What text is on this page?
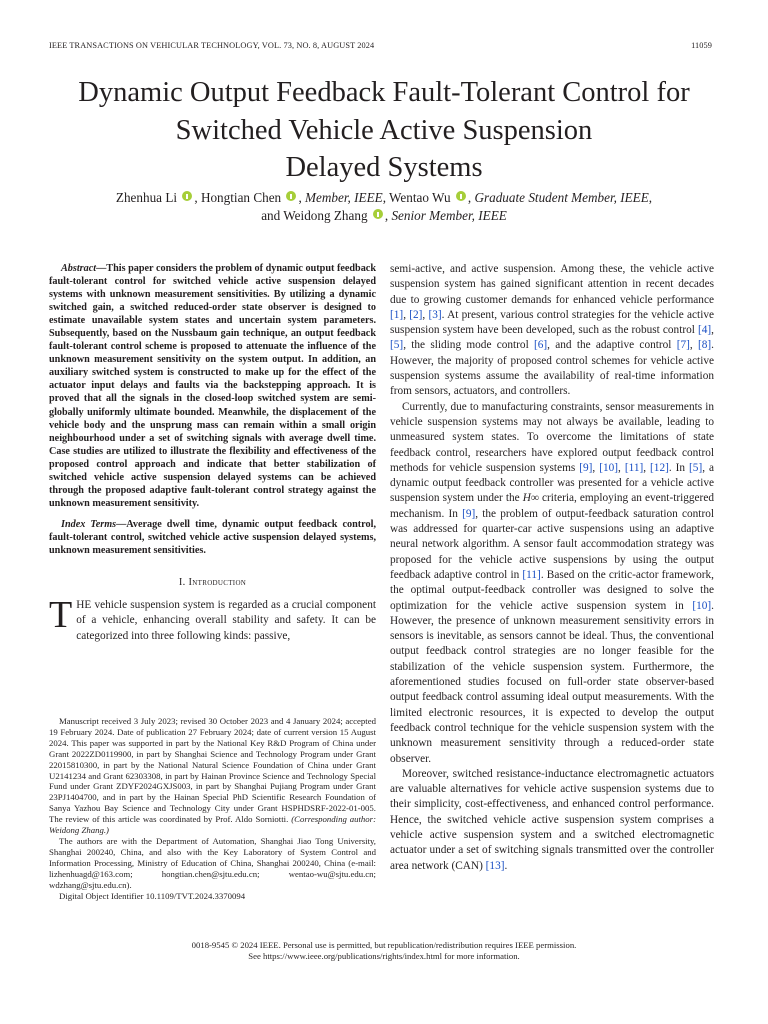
IEEE TRANSACTIONS ON VEHICULAR TECHNOLOGY, VOL. 73, NO. 8, AUGUST 2024	11059
Dynamic Output Feedback Fault-Tolerant Control for
Switched Vehicle Active Suspension
Delayed Systems
Zhenhua Li , Hongtian Chen , Member, IEEE, Wentao Wu , Graduate Student Member, IEEE,
and Weidong Zhang , Senior Member, IEEE

Abstract—This paper considers the problem of dynamic output feedback fault-tolerant control for switched vehicle active suspension delayed systems with unknown measurement sensitivities. By utilizing a dynamic switched gain, a switched reduced-order state observer is designed to estimate unavailable system states and uncertain system parameters. Subsequently, based on the Nussbaum gain technique, an output feedback fault-tolerant control scheme is proposed to attenuate the influence of the unknown measurement sensitivity on the system output. In addition, an auxiliary switched system is constructed to make up for the effect of the actuator input delays and faults via the backstepping approach. It is proved that all the signals in the closed-loop switched system are semi-globally uniformly ultimate bounded. Meanwhile, the displacement of the vehicle body and the unsprung mass can remain within a small origin neighbourhood under a set of switching signals with average dwell time. Case studies are utilized to illustrate the flexibility and effectiveness of the proposed control approach and indicate that better stabilization of switched vehicle active suspension delayed systems can be achieved through the proposed adaptive fault-tolerant control strategy against the unknown measurement sensitivity.

Index Terms—Average dwell time, dynamic output feedback control, fault-tolerant control, switched vehicle active suspension delayed systems, unknown measurement sensitivities.

I. Introduction

THE vehicle suspension system is regarded as a crucial component of a vehicle, enhancing overall stability and safety. It can be categorized into three following kinds: passive,

Manuscript received 3 July 2023; revised 30 October 2023 and 4 January 2024; accepted 19 February 2024. Date of publication 27 February 2024; date of current version 15 August 2024. This paper was supported in part by the National Key R&D Program of China under Grant 2022ZD0119900, in part by Shanghai Science and Technology Program under Grant 22015810300, in part by the National Natural Science Foundation of China under Grant U2141234 and Grant 62303308, in part by Hainan Province Science and Technology Special Fund under Grant ZDYF2024GXJS003, in part by Shanghai Pujiang Program under Grant 23PJ1404700, and in part by the Hainan Special PhD Scientific Research Foundation of Sanya Yazhou Bay Science and Technology City under Grant HSPHDSRF-2022-01-005. The review of this article was coordinated by Prof. Aldo Sorniotti. (Corresponding author: Weidong Zhang.)

The authors are with the Department of Automation, Shanghai Jiao Tong University, Shanghai 200240, China, and also with the Key Laboratory of System Control and Information Processing, Ministry of Education of China, Shanghai 200240, China (e-mail: lizhenhuagd@163.com; hongtian.chen@sjtu.edu.cn; wentao-wu@sjtu.edu.cn; wdzhang@sjtu.edu.cn).

Digital Object Identifier 10.1109/TVT.2024.3370094

semi-active, and active suspension. Among these, the vehicle active suspension system has gained significant attention in recent decades due to growing customer demands for enhanced vehicle performance [1], [2], [3]. At present, various control strategies for the vehicle active suspension system have been developed, such as the robust control [4], [5], the sliding mode control [6], and the adaptive control [7], [8]. However, the majority of proposed control schemes for vehicle active suspension systems assume the availability of real-time information from sensors, actuators, and controllers.

Currently, due to manufacturing constraints, sensor measurements in vehicle suspension systems may not always be available, leading to unmeasured system states. To overcome the limitations of state feedback control, researchers have explored output feedback control methods for vehicle suspension systems [9], [10], [11], [12]. In [5], a dynamic output feedback controller was presented for a vehicle active suspension system under the H∞ criteria, employing an event-triggered mechanism. In [9], the problem of output-feedback saturation control was addressed for quarter-car active suspensions using an adaptive neural network algorithm. A sensor fault accommodation strategy was proposed for the vehicle active suspensions by using the output feedback adaptive control in [11]. Based on the critic-actor framework, the optimal output-feedback controller was designed to solve the optimization for the vehicle active suspension system in [10]. However, the presence of unknown measurement sensitivity errors in sensors is inevitable, as sensors cannot be ideal. Thus, the conventional output feedback control strategies are no longer feasible for the stabilization of the vehicle suspension system. Furthermore, the aforementioned studies focused on full-order state observer-based output feedback control assuming ideal output measurements. With the limited electronic resources, it is expected to develop the output feedback control technique for the vehicle suspension system with the unknown measurement sensitivity through a reduced-order state observer.

Moreover, switched resistance-inductance electromagnetic actuators are valuable alternatives for vehicle active suspension systems due to their simplicity, cost-effectiveness, and enhanced control performance. Hence, the switched vehicle active suspension system comprises a vehicle active suspension system and a switched electromagnetic actuator under a set of switching signals transmitted over the controller area network (CAN) [13].

0018-9545 © 2024 IEEE. Personal use is permitted, but republication/redistribution requires IEEE permission.
See https://www.ieee.org/publications/rights/index.html for more information.
